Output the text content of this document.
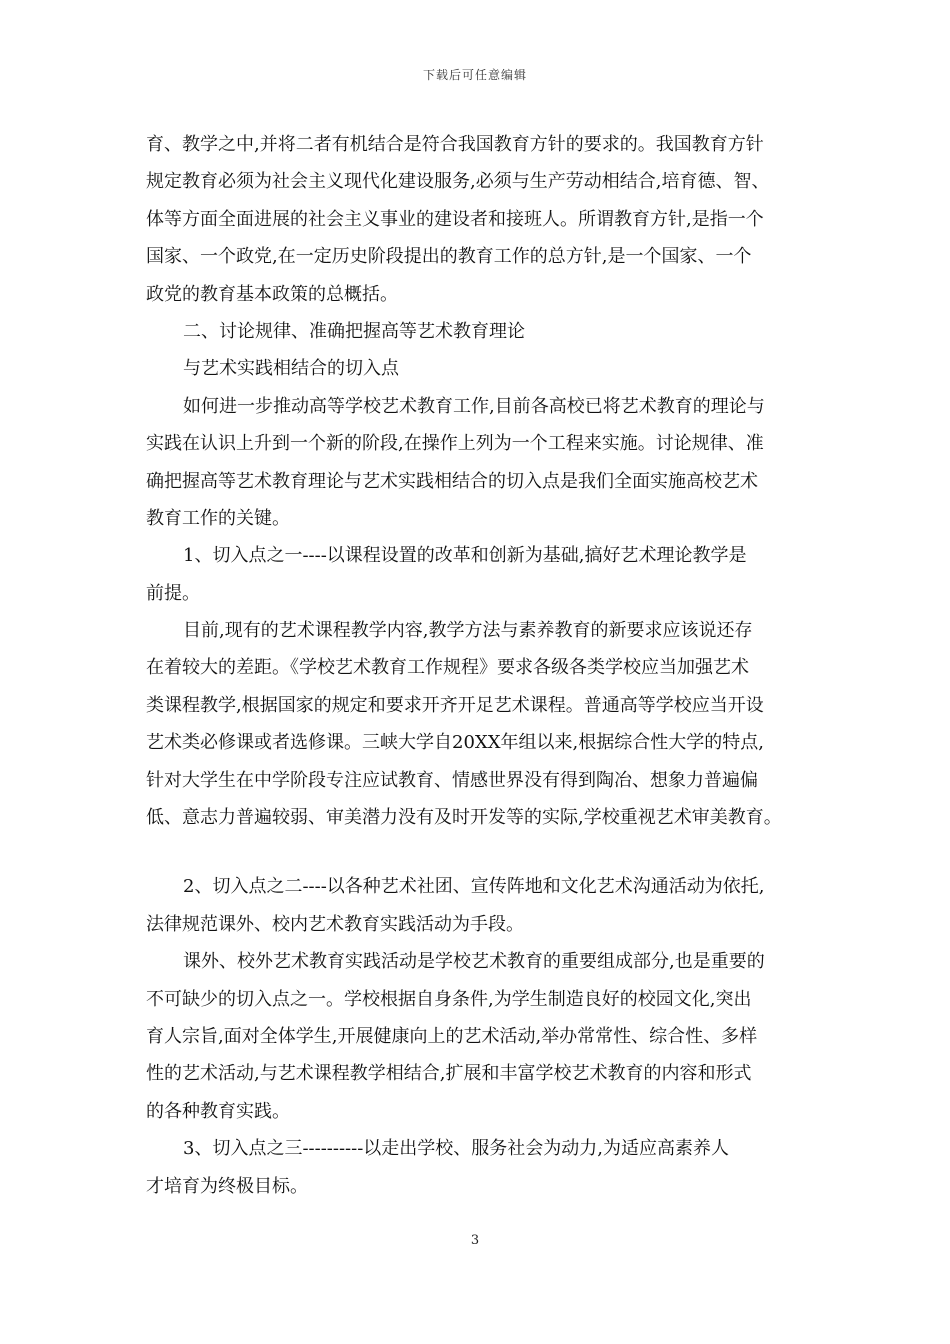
下载后可任意编辑
育、教学之中,并将二者有机结合是符合我国教育方针的要求的。我国教育方针
规定教育必须为社会主义现代化建设服务,必须与生产劳动相结合,培育德、智、
体等方面全面进展的社会主义事业的建设者和接班人。所谓教育方针,是指一个
国家、一个政党,在一定历史阶段提出的教育工作的总方针,是一个国家、一个
政党的教育基本政策的总概括。
二、讨论规律、准确把握高等艺术教育理论
与艺术实践相结合的切入点
如何进一步推动高等学校艺术教育工作,目前各高校已将艺术教育的理论与
实践在认识上升到一个新的阶段,在操作上列为一个工程来实施。讨论规律、准
确把握高等艺术教育理论与艺术实践相结合的切入点是我们全面实施高校艺术
教育工作的关键。
1、切入点之一----以课程设置的改革和创新为基础,搞好艺术理论教学是
前提。
目前,现有的艺术课程教学内容,教学方法与素养教育的新要求应该说还存
在着较大的差距。《学校艺术教育工作规程》要求各级各类学校应当加强艺术
类课程教学,根据国家的规定和要求开齐开足艺术课程。普通高等学校应当开设
艺术类必修课或者选修课。三峡大学自20XX年组以来,根据综合性大学的特点,
针对大学生在中学阶段专注应试教育、情感世界没有得到陶冶、想象力普遍偏
低、意志力普遍较弱、审美潜力没有及时开发等的实际,学校重视艺术审美教育。
2、切入点之二----以各种艺术社团、宣传阵地和文化艺术沟通活动为依托,
法律规范课外、校内艺术教育实践活动为手段。
课外、校外艺术教育实践活动是学校艺术教育的重要组成部分,也是重要的
不可缺少的切入点之一。学校根据自身条件,为学生制造良好的校园文化,突出
育人宗旨,面对全体学生,开展健康向上的艺术活动,举办常常性、综合性、多样
性的艺术活动,与艺术课程教学相结合,扩展和丰富学校艺术教育的内容和形式
的各种教育实践。
3、切入点之三----------以走出学校、服务社会为动力,为适应高素养人
才培育为终极目标。
3
